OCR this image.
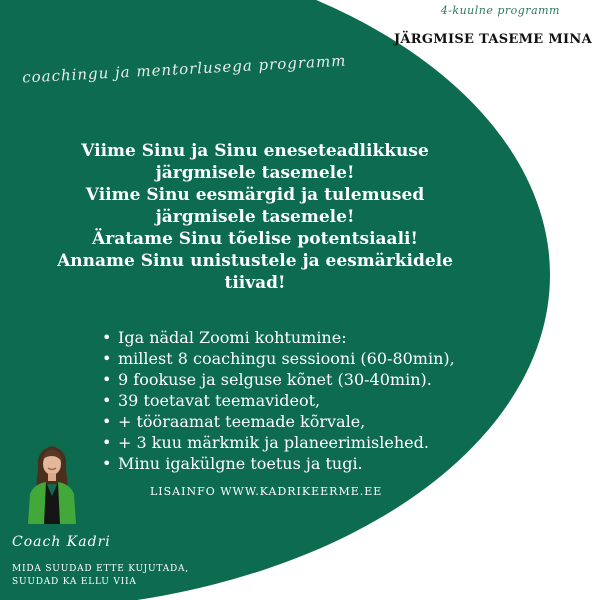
4-kuulne programm
JÄRGMISE TASEME MINA
coachingu ja mentorlusega programm
Viime Sinu ja Sinu eneseteadlikkuse
järgmisele tasemele!
Viime Sinu eesmärgid ja tulemused
järgmisele tasemele!
Äratame Sinu tõelise potentsiaali!
Anname Sinu unistustele ja eesmärkidele
tiivad!
• Iga nädal Zoomi kohtumine:
• millest 8 coachingu sessiooni (60-80min),
• 9 fookuse ja selguse kõnet (30-40min).
• 39 toetavat teemavideot,
• + tööraamat teemade kõrvale,
• + 3 kuu märkmik ja planeerimislehed.
• Minu igakülgne toetus ja tugi.
LISAINFO WWW.KADRIKEERME.EE
Coach Kadri
MIDA SUUDAD ETTE KUJUTADA,
SUUDAD KA ELLU VIIA
